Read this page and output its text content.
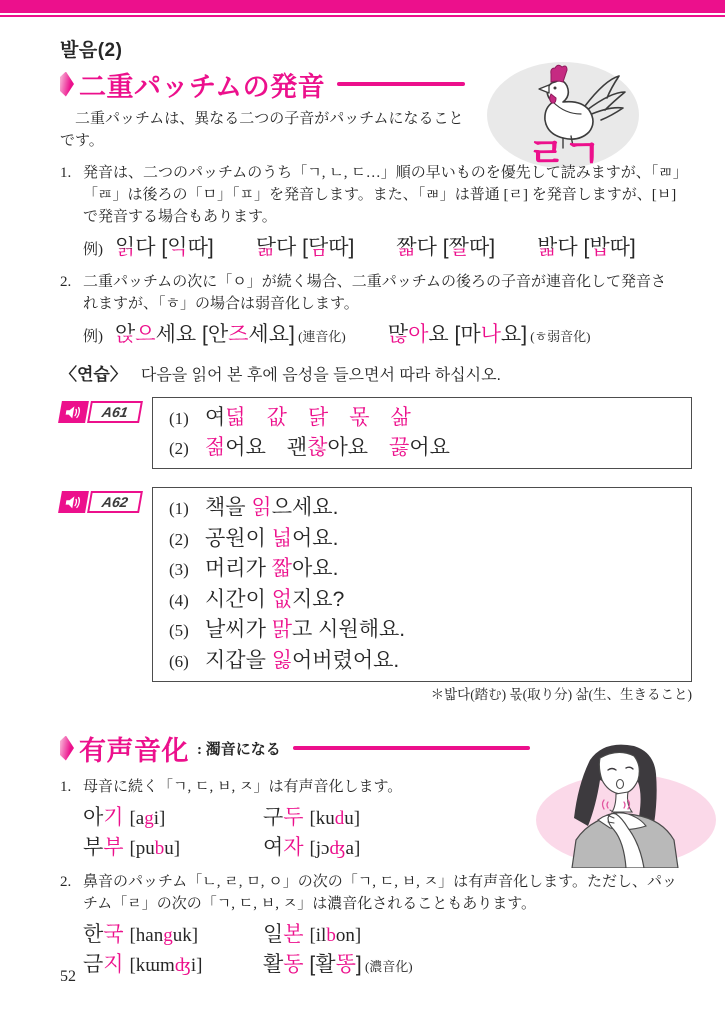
ㄹㄱ
발음(2)
二重パッチムの発音
二重パッチムは、異なる二つの子音がパッチムになること
です。
1. 発音は、二つのパッチムのうち「ㄱ, ㄴ, ㄷ…」順の早いものを優先して読みますが、「ㄻ」
「ㄿ」は後ろの「ㅁ」「ㅍ」を発音します。また、「ㄼ」は普通 [ㄹ] を発音しますが、[ㅂ]
で発音する場合もあります。
例) 읽다 [익따]   닮다 [담따]   짧다 [짤따]   밟다 [밥따]
2. 二重パッチムの次に「ㅇ」が続く場合、二重パッチムの後ろの子音が連音化して発音さ
れますが、「ㅎ」の場合は弱音化します。
例) 앉으세요 [안즈세요] (連音化)   많아요 [마나요] (ㅎ弱音化)
〈연습〉 다음을 읽어 본 후에 음성을 들으면서 따라 하십시오.
A61	(1) 여덟  값  닭  몫  삶
(2) 젊어요  괜찮아요  끓어요
A62	(1) 책을 읽으세요.
(2) 공원이 넓어요.
(3) 머리가 짧아요.
(4) 시간이 없지요?
(5) 날씨가 맑고 시원해요.
(6) 지갑을 잃어버렸어요.
＊밟다(踏む) 몫(取り分) 삶(生、生きること)
有声音化 : 濁音になる
1. 母音に続く「ㄱ, ㄷ, ㅂ, ㅈ」は有声音化します。
아기 [agi]	구두 [kudu]
부부 [pubu]	여자 [jɔʤa]
2. 鼻音のパッチム「ㄴ, ㄹ, ㅁ, ㅇ」の次の「ㄱ, ㄷ, ㅂ, ㅈ」は有声音化します。ただし、パッ
チム「ㄹ」の次の「ㄱ, ㄷ, ㅂ, ㅈ」は濃音化されることもあります。
한국 [hanguk]	일본 [ilbon]
금지 [kɯmʤi]	활동 [활똥] (濃音化)
52
